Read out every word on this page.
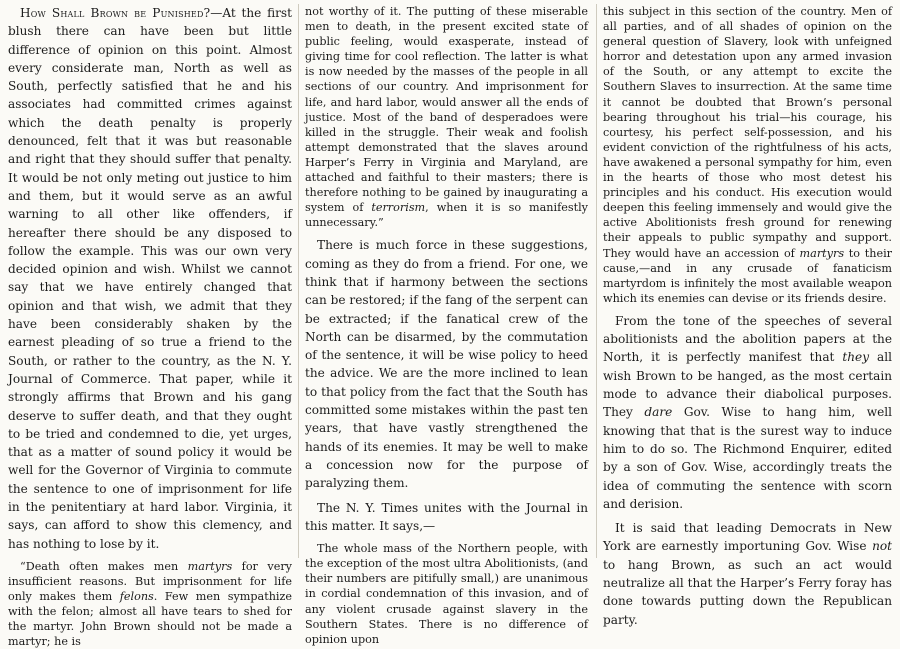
How Shall Brown be Punished?—At the first blush there can have been but little difference of opinion on this point. Almost every considerate man, North as well as South, perfectly satisfied that he and his associates had committed crimes against which the death penalty is properly denounced, felt that it was but reasonable and right that they should suffer that penalty. It would be not only meting out justice to him and them, but it would serve as an awful warning to all other like offenders, if hereafter there should be any disposed to follow the example. This was our own very decided opinion and wish. Whilst we cannot say that we have entirely changed that opinion and that wish, we admit that they have been considerably shaken by the earnest pleading of so true a friend to the South, or rather to the country, as the N. Y. Journal of Commerce. That paper, while it strongly affirms that Brown and his gang deserve to suffer death, and that they ought to be tried and condemned to die, yet urges, that as a matter of sound policy it would be well for the Governor of Virginia to commute the sentence to one of imprisonment for life in the penitentiary at hard labor. Virginia, it says, can afford to show this clemency, and has nothing to lose by it.

“Death often makes men martyrs for very insufficient reasons. But imprisonment for life only makes them felons. Few men sympathize with the felon; almost all have tears to shed for the martyr. John Brown should not be made a martyr; he is

not worthy of it. The putting of these miserable men to death, in the present excited state of public feeling, would exasperate, instead of giving time for cool reflection. The latter is what is now needed by the masses of the people in all sections of our country. And imprisonment for life, and hard labor, would answer all the ends of justice. Most of the band of desperadoes were killed in the struggle. Their weak and foolish attempt demonstrated that the slaves around Harper’s Ferry in Virginia and Maryland, are attached and faithful to their masters; there is therefore nothing to be gained by inaugurating a system of terrorism, when it is so manifestly unnecessary.”

There is much force in these suggestions, coming as they do from a friend. For one, we think that if harmony between the sections can be restored; if the fang of the serpent can be extracted; if the fanatical crew of the North can be disarmed, by the commutation of the sentence, it will be wise policy to heed the advice. We are the more inclined to lean to that policy from the fact that the South has committed some mistakes within the past ten years, that have vastly strengthened the hands of its enemies. It may be well to make a concession now for the purpose of paralyzing them.

The N. Y. Times unites with the Journal in this matter. It says,—

The whole mass of the Northern people, with the exception of the most ultra Abolitionists, (and their numbers are pitifully small,) are unanimous in cordial condemnation of this invasion, and of any violent crusade against slavery in the Southern States. There is no difference of opinion upon

this subject in this section of the country. Men of all parties, and of all shades of opinion on the general question of Slavery, look with unfeigned horror and detestation upon any armed invasion of the South, or any attempt to excite the Southern Slaves to insurrection. At the same time it cannot be doubted that Brown’s personal bearing throughout his trial—his courage, his courtesy, his perfect self-possession, and his evident conviction of the rightfulness of his acts, have awakened a personal sympathy for him, even in the hearts of those who most detest his principles and his conduct. His execution would deepen this feeling immensely and would give the active Abolitionists fresh ground for renewing their appeals to public sympathy and support. They would have an accession of martyrs to their cause,—and in any crusade of fanaticism martyrdom is infinitely the most available weapon which its enemies can devise or its friends desire.

From the tone of the speeches of several abolitionists and the abolition papers at the North, it is perfectly manifest that they all wish Brown to be hanged, as the most certain mode to advance their diabolical purposes. They dare Gov. Wise to hang him, well knowing that that is the surest way to induce him to do so. The Richmond Enquirer, edited by a son of Gov. Wise, accordingly treats the idea of commuting the sentence with scorn and derision.

It is said that leading Democrats in New York are earnestly importuning Gov. Wise not to hang Brown, as such an act would neutralize all that the Harper’s Ferry foray has done towards putting down the Republican party.
